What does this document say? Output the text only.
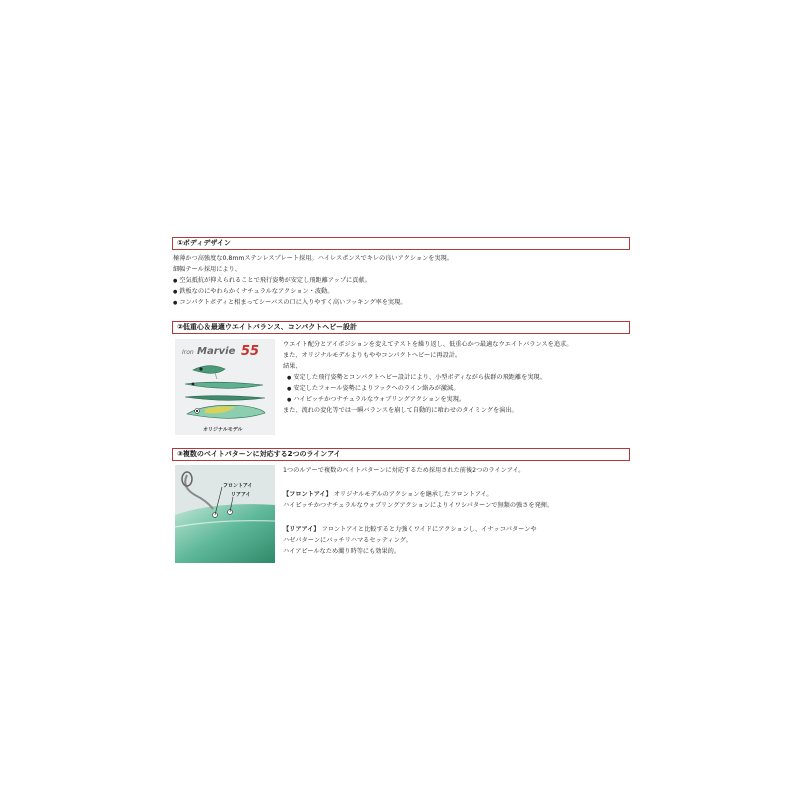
①ボディデザイン
極薄かつ高強度な0.8mmステンレスプレート採用。ハイレスポンスでキレの良いアクションを実現。
細幅テール採用により、
● 空気抵抗が抑えられることで飛行姿勢が安定し飛距離アップに貢献。
● 鉄板なのにやわらかくナチュラルなアクション・波動。
● コンパクトボディと相まってシーバスの口に入りやすく高いフッキング率を実現。
②低重心＆最適ウエイトバランス、コンパクトヘビー設計
Iron Marvie 55
オリジナルモデル
ウエイト配分とアイポジションを変えてテストを繰り返し、低重心かつ最適なウエイトバランスを追求。
また、オリジナルモデルよりもややコンパクトヘビーに再設計。
結果、
● 安定した飛行姿勢とコンパクトヘビー設計により、小型ボディながら抜群の飛距離を実現。
● 安定したフォール姿勢によりフックへのライン絡みが激減。
● ハイピッチかつナチュラルなウォブリングアクションを実現。
また、流れの変化等では一瞬バランスを崩して自動的に喰わせのタイミングを演出。
③複数のベイトパターンに対応する2つのラインアイ
フロントアイ
リアアイ
1つのルアーで複数のベイトパターンに対応するため採用された前後2つのラインアイ。
【フロントアイ】 オリジナルモデルのアクションを継承したフロントアイ。
ハイピッチかつナチュラルなウォブリングアクションによりイワシパターンで無類の強さを発揮。
【リアアイ】 フロントアイと比較すると力強くワイドにアクションし、イナッコパターンや
ハゼパターンにバッチリハマるセッティング。
ハイアピールなため濁り時等にも効果的。
